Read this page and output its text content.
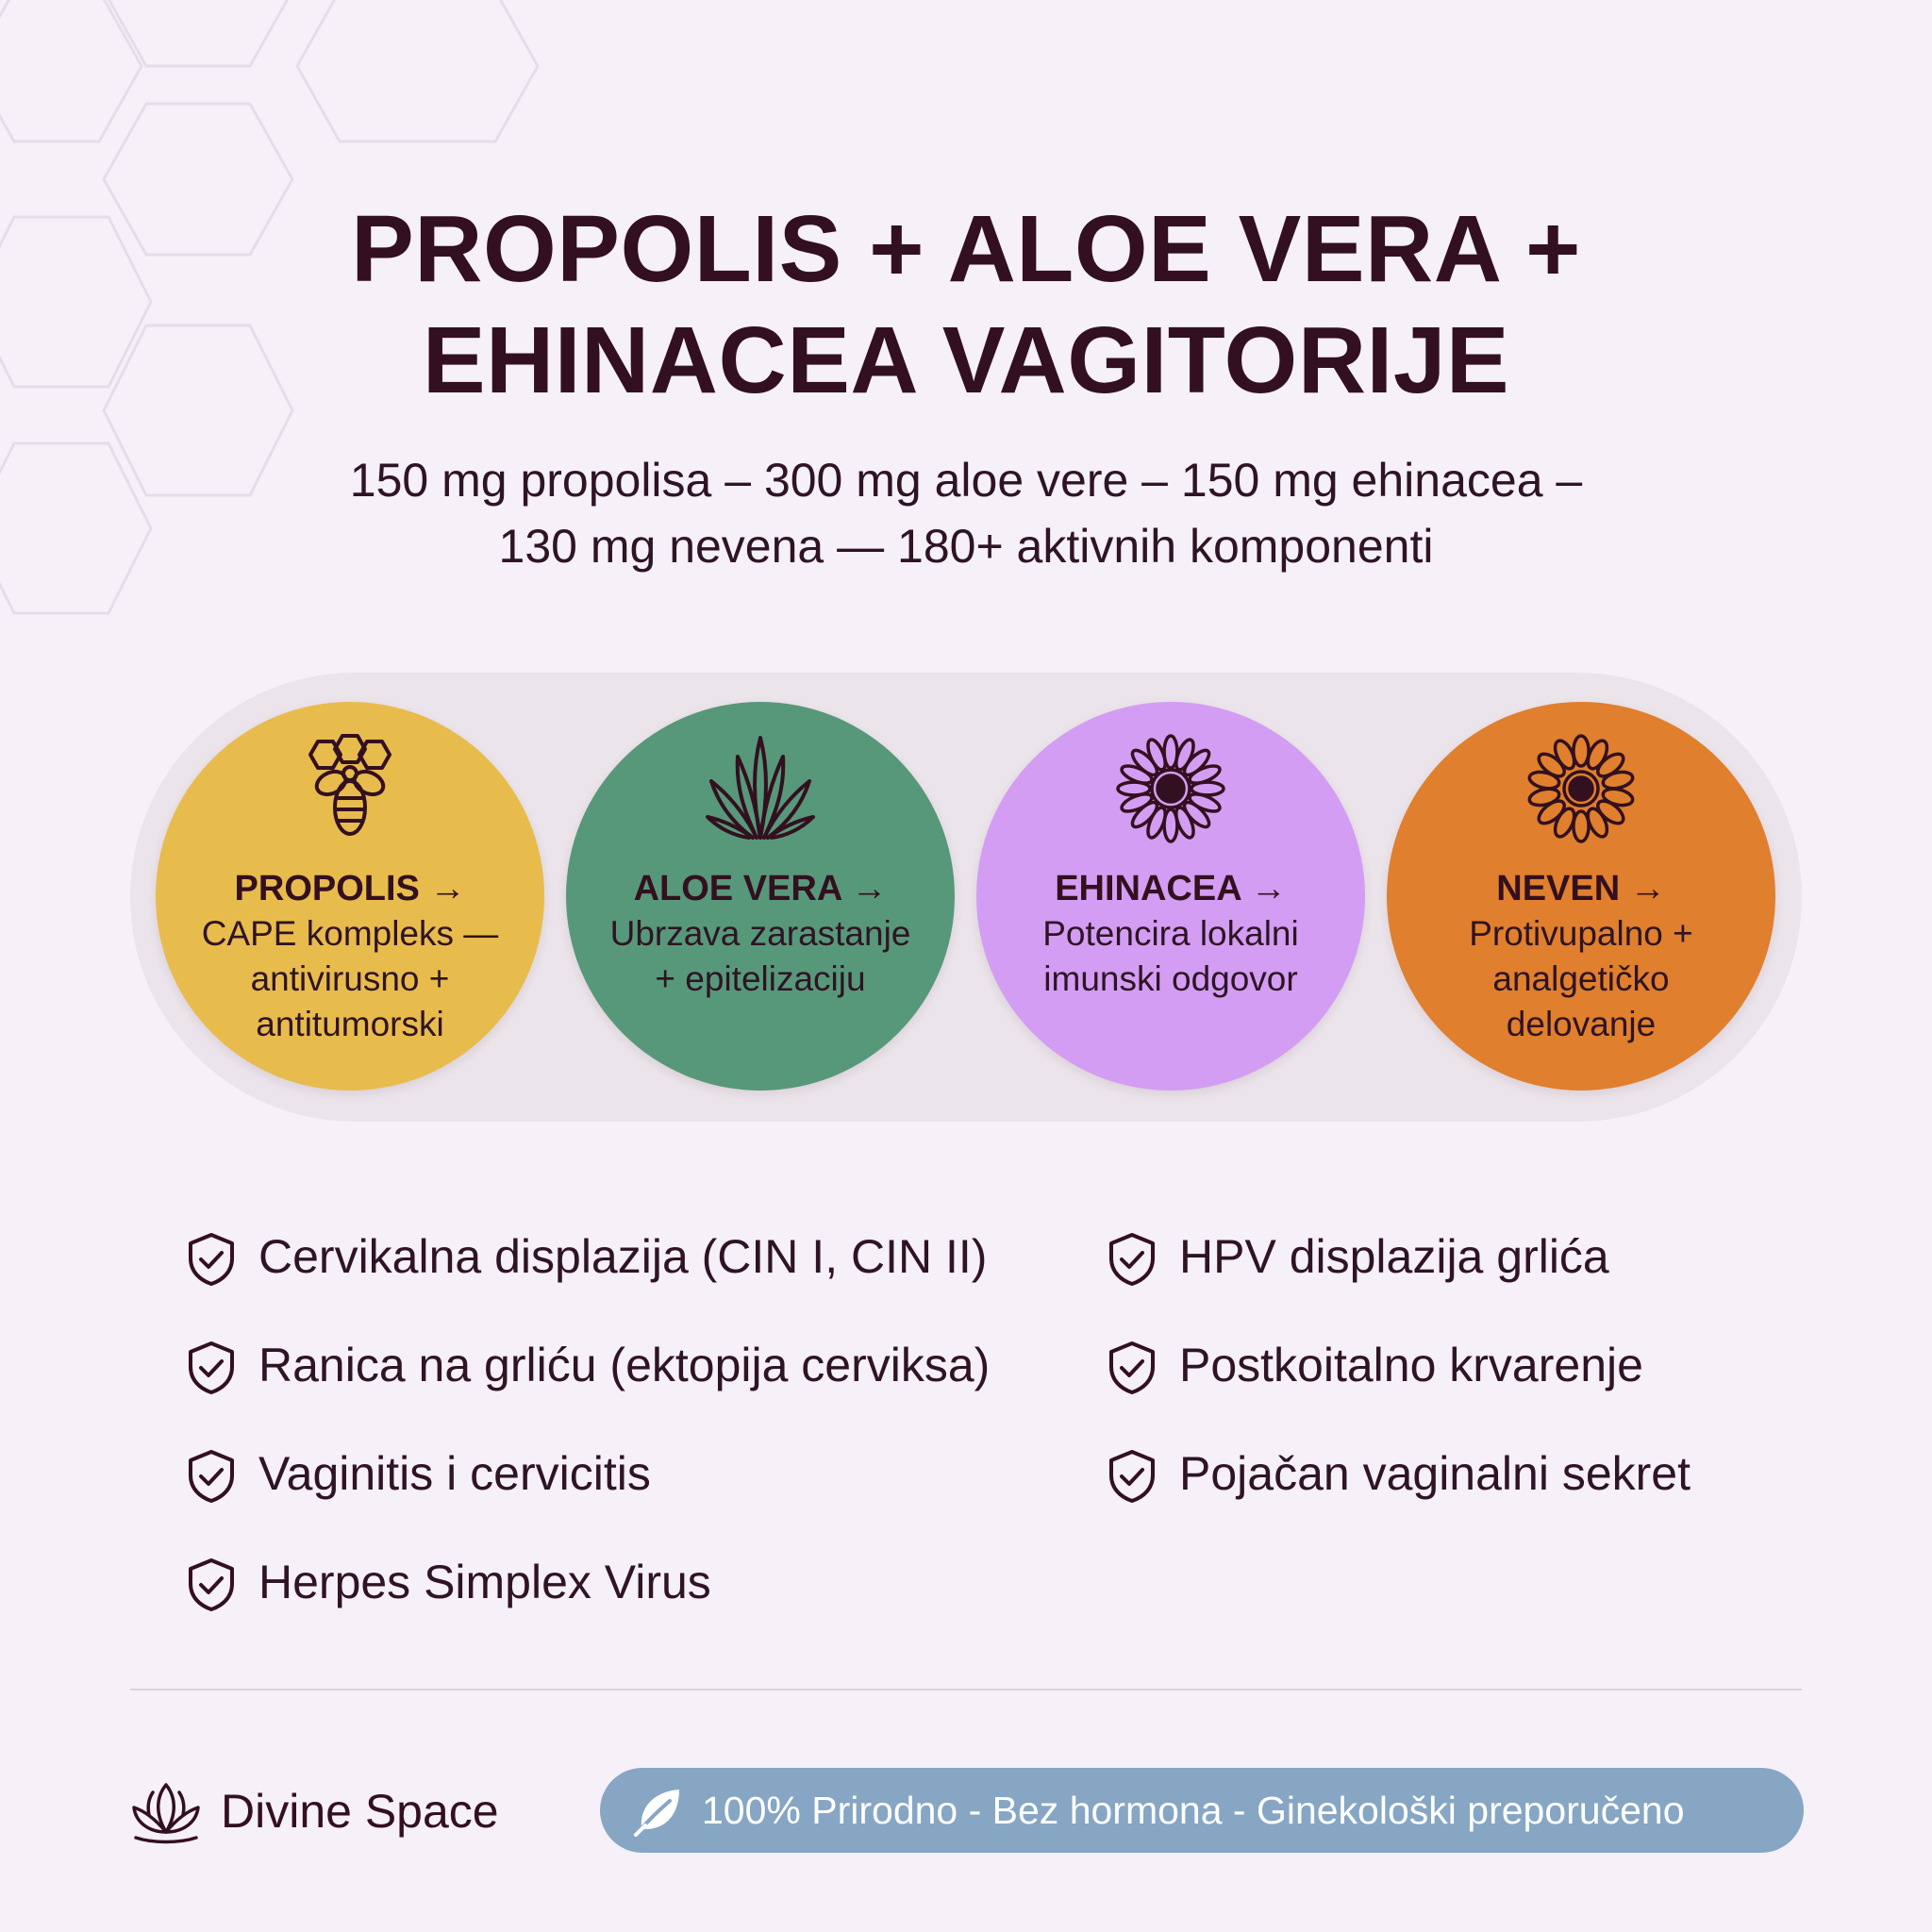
PROPOLIS + ALOE VERA +
EHINACEA VAGITORIJE
150 mg propolisa – 300 mg aloe vere – 150 mg ehinacea –
130 mg nevena — 180+ aktivnih komponenti
PROPOLIS →
CAPE kompleks —
antivirusno +
antitumorski
ALOE VERA →
Ubrzava zarastanje
+ epitelizaciju
EHINACEA →
Potencira lokalni
imunski odgovor
NEVEN →
Protivupalno +
analgetičko
delovanje
Cervikalna displazija (CIN I, CIN II)
Ranica na grliću (ektopija cerviksa)
Vaginitis i cervicitis
Herpes Simplex Virus
HPV displazija grlića
Postkoitalno krvarenje
Pojačan vaginalni sekret
Divine Space	100% Prirodno - Bez hormona - Ginekološki preporučeno
